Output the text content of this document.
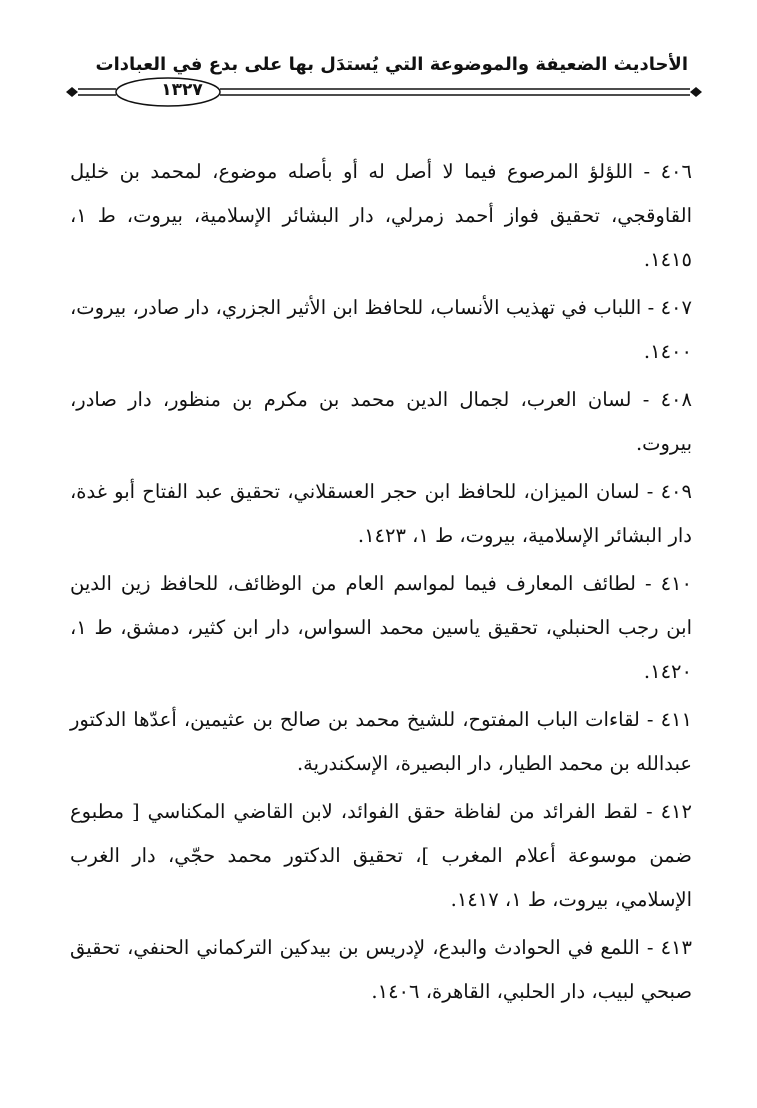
الأحاديث الضعيفة والموضوعة التي يُستدَل بها على بدع في العبادات
١٣٢٧

٤٠٦ - اللؤلؤ المرصوع فيما لا أصل له أو بأصله موضوع، لمحمد بن خليل القاوقجي، تحقيق فواز أحمد زمرلي، دار البشائر الإسلامية، بيروت، ط ١، ١٤١٥.

٤٠٧ - اللباب في تهذيب الأنساب، للحافظ ابن الأثير الجزري، دار صادر، بيروت، ١٤٠٠.

٤٠٨ - لسان العرب، لجمال الدين محمد بن مكرم بن منظور، دار صادر، بيروت.

٤٠٩ - لسان الميزان، للحافظ ابن حجر العسقلاني، تحقيق عبد الفتاح أبو غدة، دار البشائر الإسلامية، بيروت، ط ١، ١٤٢٣.

٤١٠ - لطائف المعارف فيما لمواسم العام من الوظائف، للحافظ زين الدين ابن رجب الحنبلي، تحقيق ياسين محمد السواس، دار ابن كثير، دمشق، ط ١، ١٤٢٠.

٤١١ - لقاءات الباب المفتوح، للشيخ محمد بن صالح بن عثيمين، أعدّها الدكتور عبدالله بن محمد الطيار، دار البصيرة، الإسكندرية.

٤١٢ - لقط الفرائد من لفاظة حقق الفوائد، لابن القاضي المكناسي [ مطبوع ضمن موسوعة أعلام المغرب ]، تحقيق الدكتور محمد حجّي، دار الغرب الإسلامي، بيروت، ط ١، ١٤١٧.

٤١٣ - اللمع في الحوادث والبدع، لإدريس بن بيدكين التركماني الحنفي، تحقيق صبحي لبيب، دار الحلبي، القاهرة، ١٤٠٦.
